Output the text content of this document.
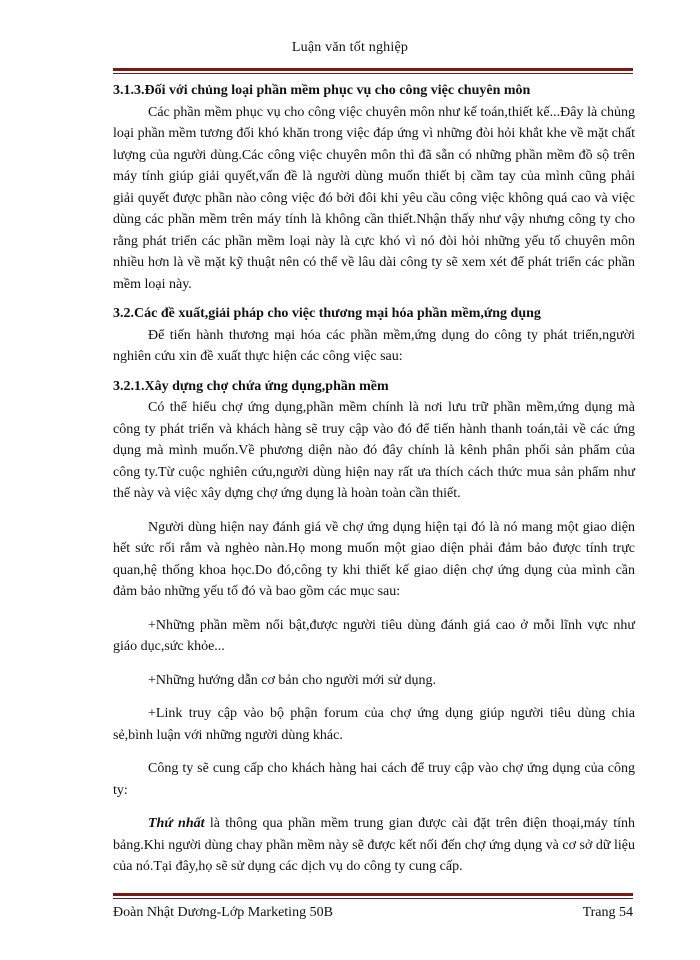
Luận văn tốt nghiệp

3.1.3.Đối với chủng loại phần mềm phục vụ cho công việc chuyên môn

Các phần mềm phục vụ cho công việc chuyên môn như kế toán,thiết kế...Đây là chủng loại phần mềm tương đối khó khăn trong việc đáp ứng vì những đòi hỏi khắt khe về mặt chất lượng của người dùng.Các công việc chuyên môn thì đã sẵn có những phần mềm đồ sộ trên máy tính giúp giải quyết,vấn đề là người dùng muốn thiết bị cầm tay của mình cũng phải giải quyết được phần nào công việc đó bởi đôi khi yêu cầu công việc không quá cao và việc dùng các phần mềm trên máy tính là không cần thiết.Nhận thấy như vậy nhưng công ty cho rằng phát triển các phần mềm loại này là cực khó vì nó đòi hỏi những yếu tố chuyên môn nhiều hơn là về mặt kỹ thuật nên có thể về lâu dài công ty sẽ xem xét để phát triển các phần mềm loại này.

3.2.Các đề xuất,giải pháp cho việc thương mại hóa phần mềm,ứng dụng

Để tiến hành thương mại hóa các phần mềm,ứng dụng do công ty phát triển,người nghiên cứu xin đề xuất thực hiện các công việc sau:

3.2.1.Xây dựng chợ chứa ứng dụng,phần mềm

Có thể hiểu chợ ứng dụng,phần mềm chính là nơi lưu trữ phần mềm,ứng dụng mà công ty phát triển và khách hàng sẽ truy cập vào đó để tiến hành thanh toán,tải về các ứng dụng mà mình muốn.Về phương diện nào đó đây chính là kênh phân phối sản phẩm của công ty.Từ cuộc nghiên cứu,người dùng hiện nay rất ưa thích cách thức mua sản phẩm như thế này và việc xây dựng chợ ứng dụng là hoàn toàn cần thiết.

Người dùng hiện nay đánh giá về chợ ứng dụng hiện tại đó là nó mang một giao diện hết sức rối rắm và nghèo nàn.Họ mong muốn một giao diện phải đảm bảo được tính trực quan,hệ thống khoa học.Do đó,công ty khi thiết kế giao diện chợ ứng dụng của mình cần đảm bảo những yếu tố đó và bao gồm các mục sau:

+Những phần mềm nổi bật,được người tiêu dùng đánh giá cao ở mỗi lĩnh vực như giáo dục,sức khỏe...

+Những hướng dẫn cơ bản cho người mới sử dụng.

+Link truy cập vào bộ phận forum của chợ ứng dụng giúp người tiêu dùng chia sẻ,bình luận với những người dùng khác.

Công ty sẽ cung cấp cho khách hàng hai cách để truy cập vào chợ ứng dụng của công ty:

Thứ nhất là thông qua phần mềm trung gian được cài đặt trên điện thoại,máy tính bảng.Khi người dùng chay phần mềm này sẽ được kết nối đến chợ ứng dụng và cơ sở dữ liệu của nó.Tại đây,họ sẽ sử dụng các dịch vụ do công ty cung cấp.

Đoàn Nhật Dương-Lớp Marketing 50B	Trang 54
